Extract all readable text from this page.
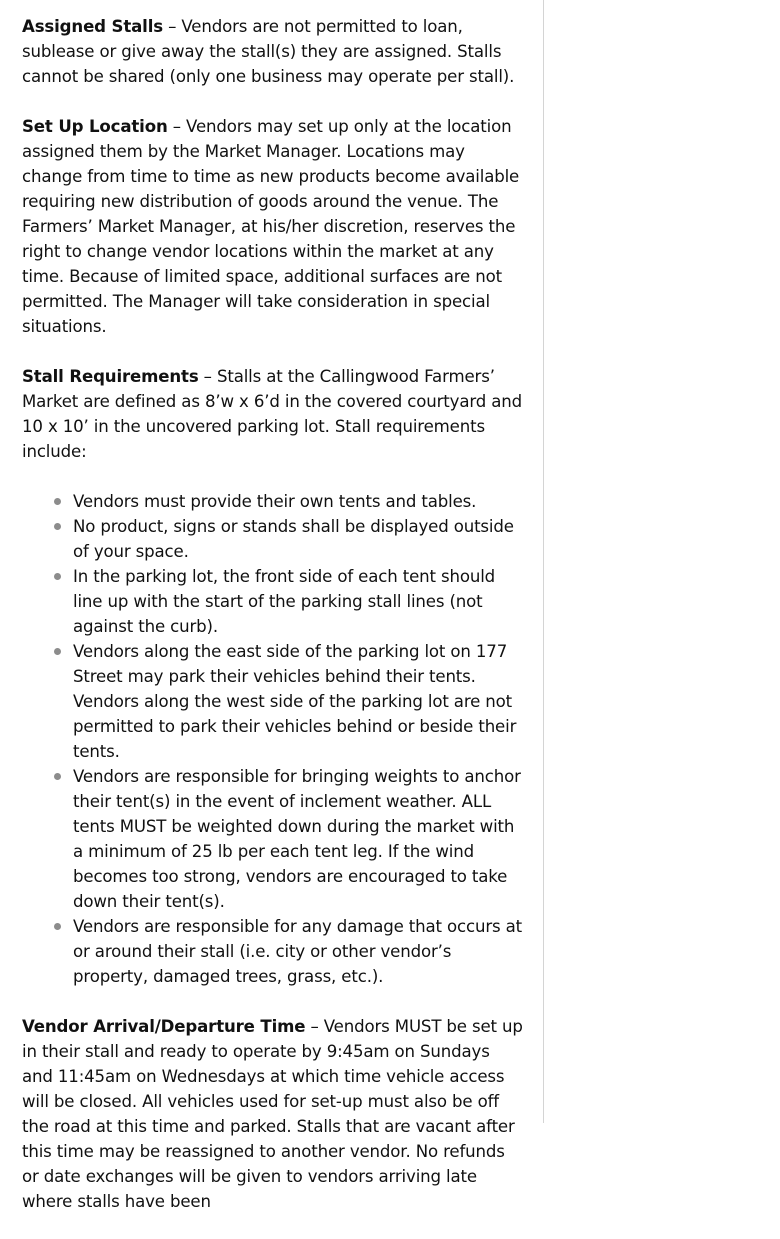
Assigned Stalls – Vendors are not permitted to loan, sublease or give away the stall(s) they are assigned. Stalls cannot be shared (only one business may operate per stall).

Set Up Location – Vendors may set up only at the location assigned them by the Market Manager. Locations may change from time to time as new products become available requiring new distribution of goods around the venue. The Farmers’ Market Manager, at his/her discretion, reserves the right to change vendor locations within the market at any time. Because of limited space, additional surfaces are not permitted. The Manager will take consideration in special situations.

Stall Requirements – Stalls at the Callingwood Farmers’ Market are defined as 8’w x 6’d in the covered courtyard and 10 x 10’ in the uncovered parking lot. Stall requirements include:

Vendors must provide their own tents and tables.
No product, signs or stands shall be displayed outside of your space.
In the parking lot, the front side of each tent should line up with the start of the parking stall lines (not against the curb).
Vendors along the east side of the parking lot on 177 Street may park their vehicles behind their tents. Vendors along the west side of the parking lot are not permitted to park their vehicles behind or beside their tents.
Vendors are responsible for bringing weights to anchor their tent(s) in the event of inclement weather. ALL tents MUST be weighted down during the market with a minimum of 25 lb per each tent leg. If the wind becomes too strong, vendors are encouraged to take down their tent(s).
Vendors are responsible for any damage that occurs at or around their stall (i.e. city or other vendor’s property, damaged trees, grass, etc.).

Vendor Arrival/Departure Time – Vendors MUST be set up in their stall and ready to operate by 9:45am on Sundays and 11:45am on Wednesdays at which time vehicle access will be closed. All vehicles used for set-up must also be off the road at this time and parked. Stalls that are vacant after this time may be reassigned to another vendor. No refunds or date exchanges will be given to vendors arriving late where stalls have been
